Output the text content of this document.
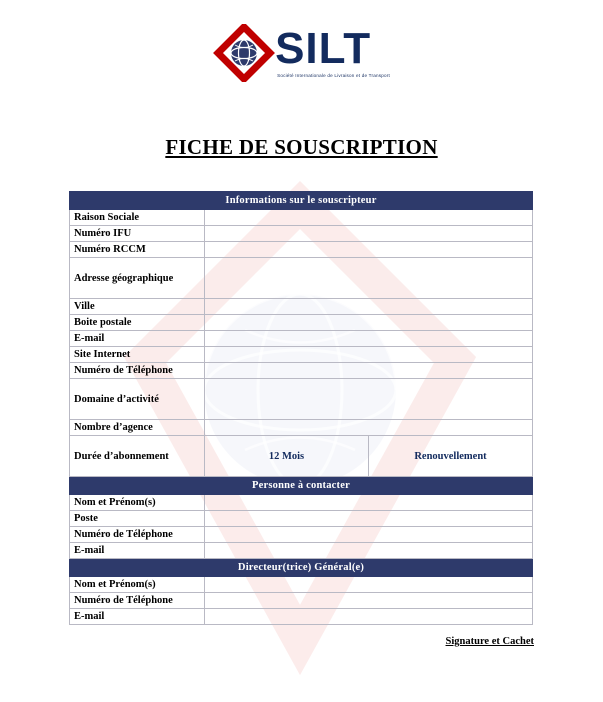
SILT
Société Internationale de Livraison et de Transport
FICHE DE SOUSCRIPTION
Informations sur le souscripteur		
Raison Sociale		
Numéro IFU		
Numéro RCCM		
Adresse géographique		
Ville		
Boite postale		
E-mail		
Site Internet		
Numéro de Téléphone		
Domaine d’activité		
Nombre d’agence		
Durée d’abonnement	12 Mois	Renouvellement
Personne à contacter		
Nom et Prénom(s)		
Poste		
Numéro de Téléphone		
E-mail		
Directeur(trice) Général(e)		
Nom et Prénom(s)		
Numéro de Téléphone		
E-mail		
Signature et Cachet
